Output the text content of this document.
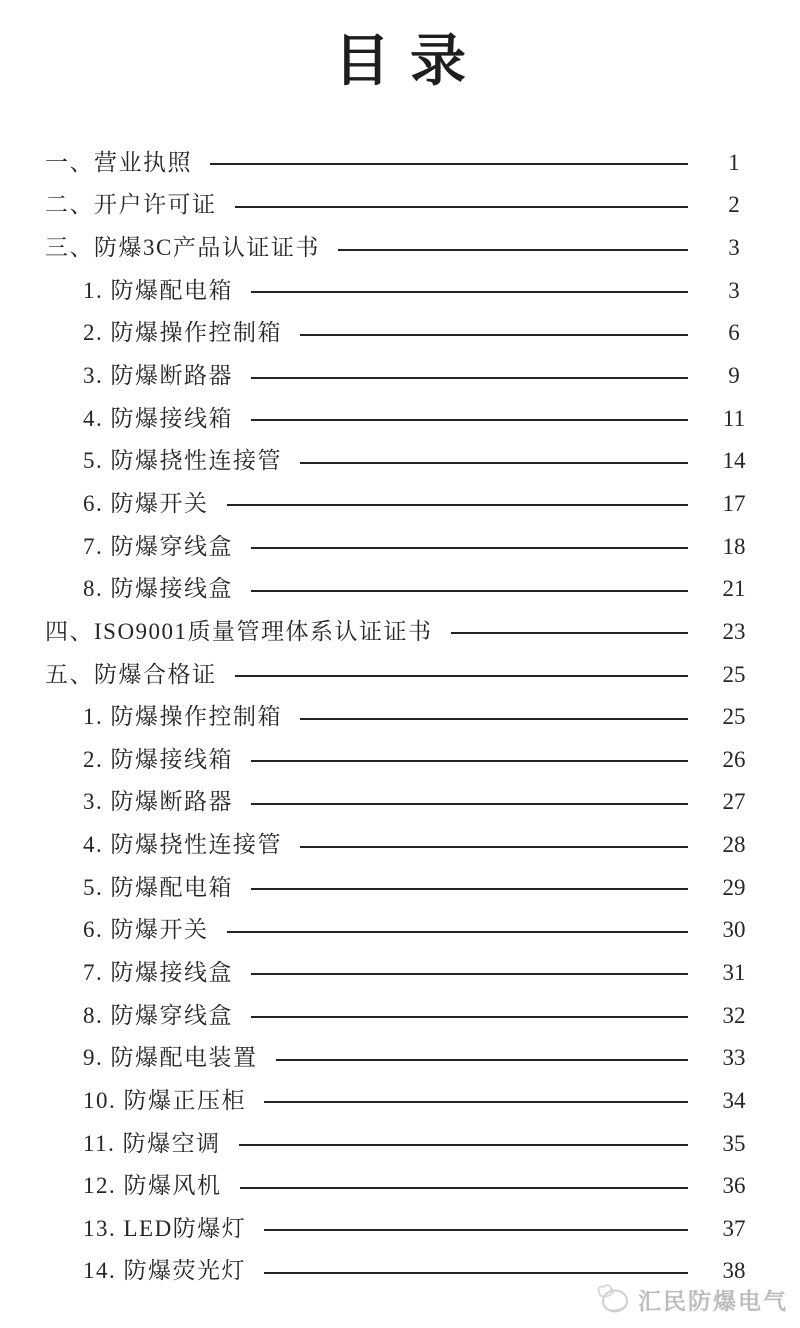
目录
一、营业执照	1
二、开户许可证	2
三、防爆3C产品认证证书	3
1. 防爆配电箱	3
2. 防爆操作控制箱	6
3. 防爆断路器	9
4. 防爆接线箱	11
5. 防爆挠性连接管	14
6. 防爆开关	17
7. 防爆穿线盒	18
8. 防爆接线盒	21
四、ISO9001质量管理体系认证证书	23
五、防爆合格证	25
1. 防爆操作控制箱	25
2. 防爆接线箱	26
3. 防爆断路器	27
4. 防爆挠性连接管	28
5. 防爆配电箱	29
6. 防爆开关	30
7. 防爆接线盒	31
8. 防爆穿线盒	32
9. 防爆配电装置	33
10. 防爆正压柜	34
11. 防爆空调	35
12. 防爆风机	36
13. LED防爆灯	37
14. 防爆荧光灯	38
汇民防爆电气
